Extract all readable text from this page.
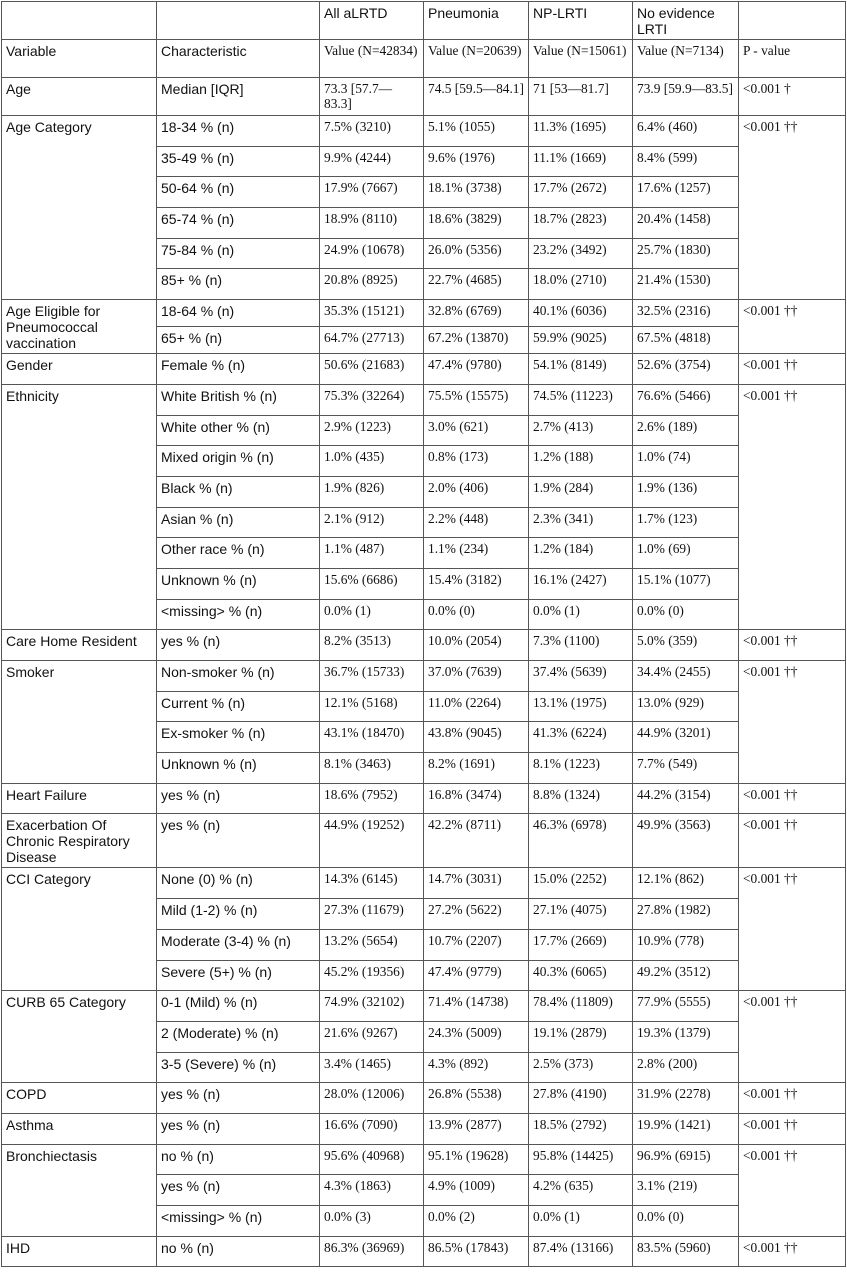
		All aLRTD	Pneumonia	NP-LRTI	No evidence LRTI	
Variable	Characteristic	Value (N=42834)	Value (N=20639)	Value (N=15061)	Value (N=7134)	P - value
Age	Median [IQR]	73.3 [57.7—83.3]	74.5 [59.5—84.1]	71 [53—81.7]	73.9 [59.9—83.5]	<0.001 †
Age Category	18-34 % (n)	7.5% (3210)	5.1% (1055)	11.3% (1695)	6.4% (460)	<0.001 ††
	35-49 % (n)	9.9% (4244)	9.6% (1976)	11.1% (1669)	8.4% (599)	
	50-64 % (n)	17.9% (7667)	18.1% (3738)	17.7% (2672)	17.6% (1257)	
	65-74 % (n)	18.9% (8110)	18.6% (3829)	18.7% (2823)	20.4% (1458)	
	75-84 % (n)	24.9% (10678)	26.0% (5356)	23.2% (3492)	25.7% (1830)	
	85+ % (n)	20.8% (8925)	22.7% (4685)	18.0% (2710)	21.4% (1530)	
Age Eligible for Pneumococcal vaccination	18-64 % (n)	35.3% (15121)	32.8% (6769)	40.1% (6036)	32.5% (2316)	<0.001 ††
	65+ % (n)	64.7% (27713)	67.2% (13870)	59.9% (9025)	67.5% (4818)	
Gender	Female % (n)	50.6% (21683)	47.4% (9780)	54.1% (8149)	52.6% (3754)	<0.001 ††
Ethnicity	White British % (n)	75.3% (32264)	75.5% (15575)	74.5% (11223)	76.6% (5466)	<0.001 ††
	White other % (n)	2.9% (1223)	3.0% (621)	2.7% (413)	2.6% (189)	
	Mixed origin % (n)	1.0% (435)	0.8% (173)	1.2% (188)	1.0% (74)	
	Black % (n)	1.9% (826)	2.0% (406)	1.9% (284)	1.9% (136)	
	Asian % (n)	2.1% (912)	2.2% (448)	2.3% (341)	1.7% (123)	
	Other race % (n)	1.1% (487)	1.1% (234)	1.2% (184)	1.0% (69)	
	Unknown % (n)	15.6% (6686)	15.4% (3182)	16.1% (2427)	15.1% (1077)	
	<missing> % (n)	0.0% (1)	0.0% (0)	0.0% (1)	0.0% (0)	
Care Home Resident	yes % (n)	8.2% (3513)	10.0% (2054)	7.3% (1100)	5.0% (359)	<0.001 ††
Smoker	Non-smoker % (n)	36.7% (15733)	37.0% (7639)	37.4% (5639)	34.4% (2455)	<0.001 ††
	Current % (n)	12.1% (5168)	11.0% (2264)	13.1% (1975)	13.0% (929)	
	Ex-smoker % (n)	43.1% (18470)	43.8% (9045)	41.3% (6224)	44.9% (3201)	
	Unknown % (n)	8.1% (3463)	8.2% (1691)	8.1% (1223)	7.7% (549)	
Heart Failure	yes % (n)	18.6% (7952)	16.8% (3474)	8.8% (1324)	44.2% (3154)	<0.001 ††
Exacerbation Of Chronic Respiratory Disease	yes % (n)	44.9% (19252)	42.2% (8711)	46.3% (6978)	49.9% (3563)	<0.001 ††
CCI Category	None (0) % (n)	14.3% (6145)	14.7% (3031)	15.0% (2252)	12.1% (862)	<0.001 ††
	Mild (1-2) % (n)	27.3% (11679)	27.2% (5622)	27.1% (4075)	27.8% (1982)	
	Moderate (3-4) % (n)	13.2% (5654)	10.7% (2207)	17.7% (2669)	10.9% (778)	
	Severe (5+) % (n)	45.2% (19356)	47.4% (9779)	40.3% (6065)	49.2% (3512)	
CURB 65 Category	0-1 (Mild) % (n)	74.9% (32102)	71.4% (14738)	78.4% (11809)	77.9% (5555)	<0.001 ††
	2 (Moderate) % (n)	21.6% (9267)	24.3% (5009)	19.1% (2879)	19.3% (1379)	
	3-5 (Severe) % (n)	3.4% (1465)	4.3% (892)	2.5% (373)	2.8% (200)	
COPD	yes % (n)	28.0% (12006)	26.8% (5538)	27.8% (4190)	31.9% (2278)	<0.001 ††
Asthma	yes % (n)	16.6% (7090)	13.9% (2877)	18.5% (2792)	19.9% (1421)	<0.001 ††
Bronchiectasis	no % (n)	95.6% (40968)	95.1% (19628)	95.8% (14425)	96.9% (6915)	<0.001 ††
	yes % (n)	4.3% (1863)	4.9% (1009)	4.2% (635)	3.1% (219)	
	<missing> % (n)	0.0% (3)	0.0% (2)	0.0% (1)	0.0% (0)	
IHD	no % (n)	86.3% (36969)	86.5% (17843)	87.4% (13166)	83.5% (5960)	<0.001 ††
